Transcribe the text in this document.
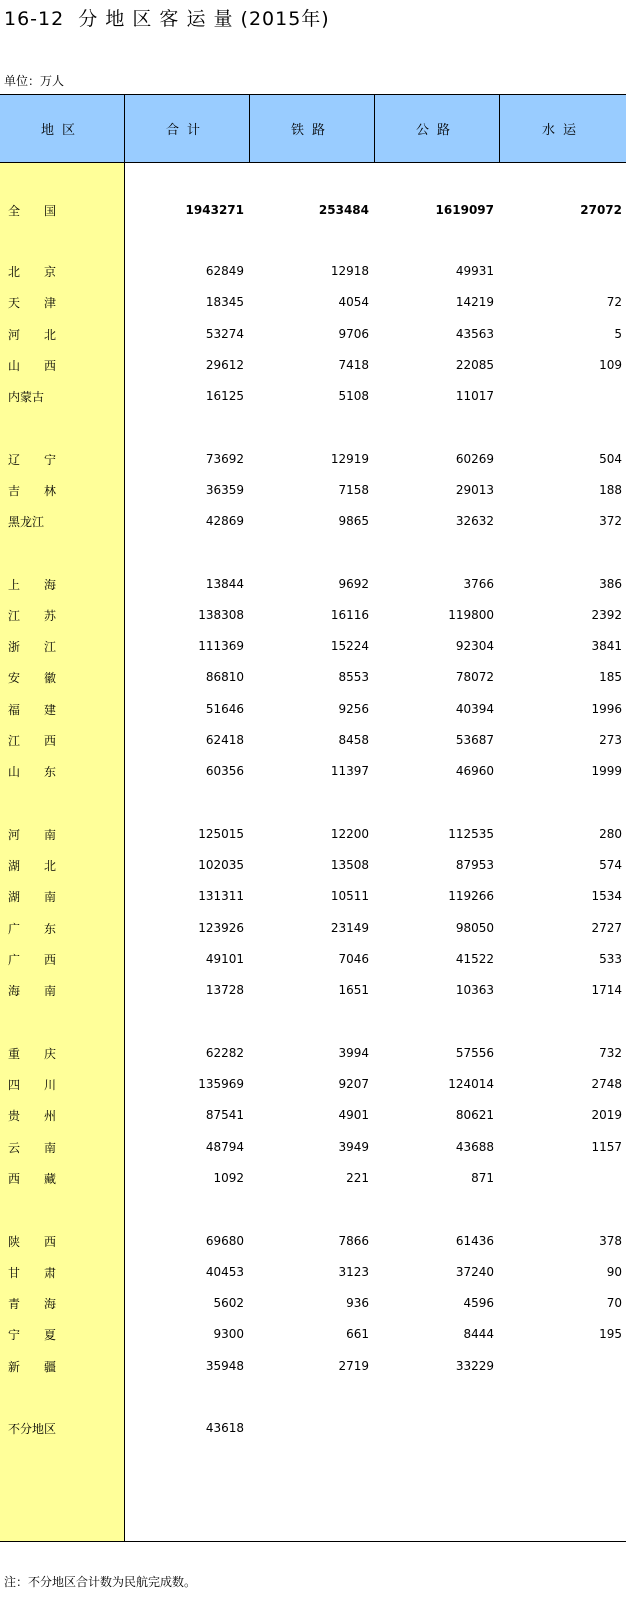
16-12  分 地 区 客 运 量 (2015年)
单位：万人
地区	合计	铁路	公路	水运
全　国	1943271	253484	1619097	27072
北　京	62849	12918	49931
天　津	18345	4054	14219	72
河　北	53274	9706	43563	5
山　西	29612	7418	22085	109
内蒙古	16125	5108	11017
辽　宁	73692	12919	60269	504
吉　林	36359	7158	29013	188
黑龙江	42869	9865	32632	372
上　海	13844	9692	3766	386
江　苏	138308	16116	119800	2392
浙　江	111369	15224	92304	3841
安　徽	86810	8553	78072	185
福　建	51646	9256	40394	1996
江　西	62418	8458	53687	273
山　东	60356	11397	46960	1999
河　南	125015	12200	112535	280
湖　北	102035	13508	87953	574
湖　南	131311	10511	119266	1534
广　东	123926	23149	98050	2727
广　西	49101	7046	41522	533
海　南	13728	1651	10363	1714
重　庆	62282	3994	57556	732
四　川	135969	9207	124014	2748
贵　州	87541	4901	80621	2019
云　南	48794	3949	43688	1157
西　藏	1092	221	871
陕　西	69680	7866	61436	378
甘　肃	40453	3123	37240	90
青　海	5602	936	4596	70
宁　夏	9300	661	8444	195
新　疆	35948	2719	33229
不分地区	43618
注：不分地区合计数为民航完成数。
